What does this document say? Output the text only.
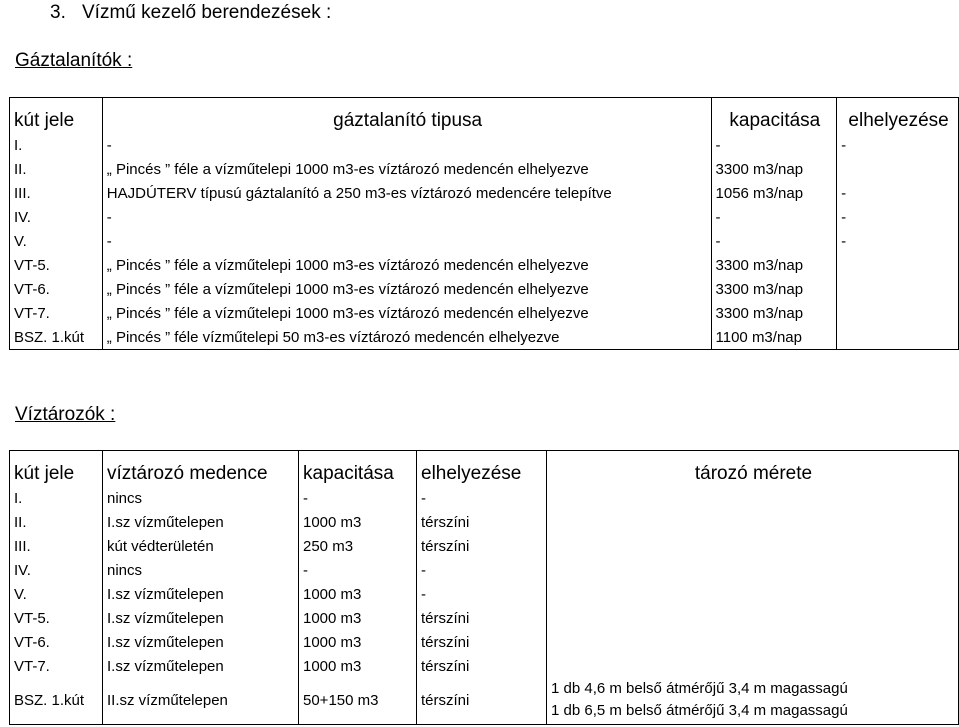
3. Vízmű kezelő berendezések :
Gáztalanítók :
kút jele	gáztalanító tipusa	kapacitása	elhelyezése
I.	-	-	-
II.	„ Pincés ” féle a vízműtelepi 1000 m3-es víztározó medencén elhelyezve	3300 m3/nap	
III.	HAJDÚTERV típusú gáztalanító a 250 m3-es víztározó medencére telepítve	1056 m3/nap	-
IV.	-	-	-
V.	-	-	-
VT-5.	„ Pincés ” féle a vízműtelepi 1000 m3-es víztározó medencén elhelyezve	3300 m3/nap	
VT-6.	„ Pincés ” féle a vízműtelepi 1000 m3-es víztározó medencén elhelyezve	3300 m3/nap	
VT-7.	„ Pincés ” féle a vízműtelepi 1000 m3-es víztározó medencén elhelyezve	3300 m3/nap	
BSZ. 1.kút	„ Pincés ” féle vízműtelepi 50 m3-es víztározó medencén elhelyezve	1100 m3/nap	
Víztározók :
kút jele	víztározó medence	kapacitása	elhelyezése	tározó mérete
I.	nincs	-	-	
II.	I.sz vízműtelepen	1000 m3	térszíni	
III.	kút védterületén	250 m3	térszíni	
IV.	nincs	-	-	
V.	I.sz vízműtelepen	1000 m3	-	
VT-5.	I.sz vízműtelepen	1000 m3	térszíni	
VT-6.	I.sz vízműtelepen	1000 m3	térszíni	
VT-7.	I.sz vízműtelepen	1000 m3	térszíni	
BSZ. 1.kút	II.sz vízműtelepen	50+150 m3	térszíni	1 db 4,6 m belső átmérőjű 3,4 m magassagú
1 db 6,5 m belső átmérőjű 3,4 m magassagú
